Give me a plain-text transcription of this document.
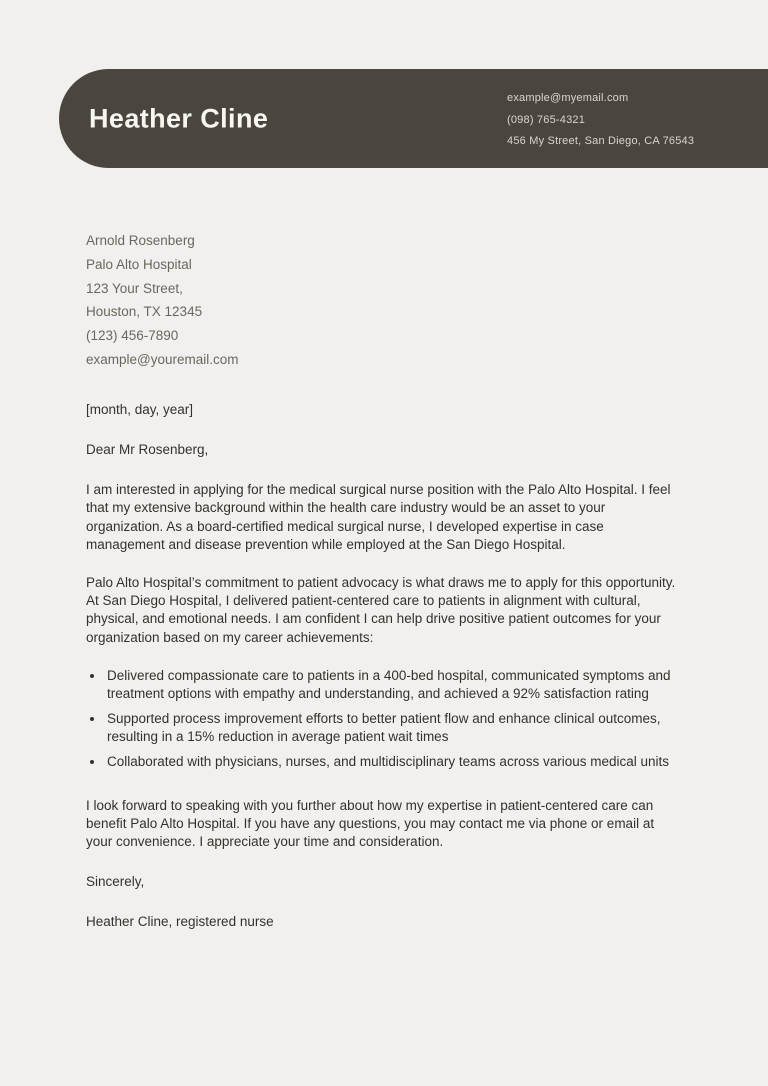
Heather Cline
example@myemail.com
(098) 765-4321
456 My Street, San Diego, CA 76543
Arnold Rosenberg
Palo Alto Hospital
123 Your Street,
Houston, TX 12345
(123) 456-7890
example@youremail.com
[month, day, year]
Dear Mr Rosenberg,

I am interested in applying for the medical surgical nurse position with the Palo Alto Hospital. I feel that my extensive background within the health care industry would be an asset to your organization. As a board-certified medical surgical nurse, I developed expertise in case management and disease prevention while employed at the San Diego Hospital.

Palo Alto Hospital’s commitment to patient advocacy is what draws me to apply for this opportunity. At San Diego Hospital, I delivered patient-centered care to patients in alignment with cultural, physical, and emotional needs. I am confident I can help drive positive patient outcomes for your organization based on my career achievements:

• Delivered compassionate care to patients in a 400-bed hospital, communicated symptoms and treatment options with empathy and understanding, and achieved a 92% satisfaction rating
• Supported process improvement efforts to better patient flow and enhance clinical outcomes, resulting in a 15% reduction in average patient wait times
• Collaborated with physicians, nurses, and multidisciplinary teams across various medical units

I look forward to speaking with you further about how my expertise in patient-centered care can benefit Palo Alto Hospital. If you have any questions, you may contact me via phone or email at your convenience. I appreciate your time and consideration.

Sincerely,
Heather Cline, registered nurse
